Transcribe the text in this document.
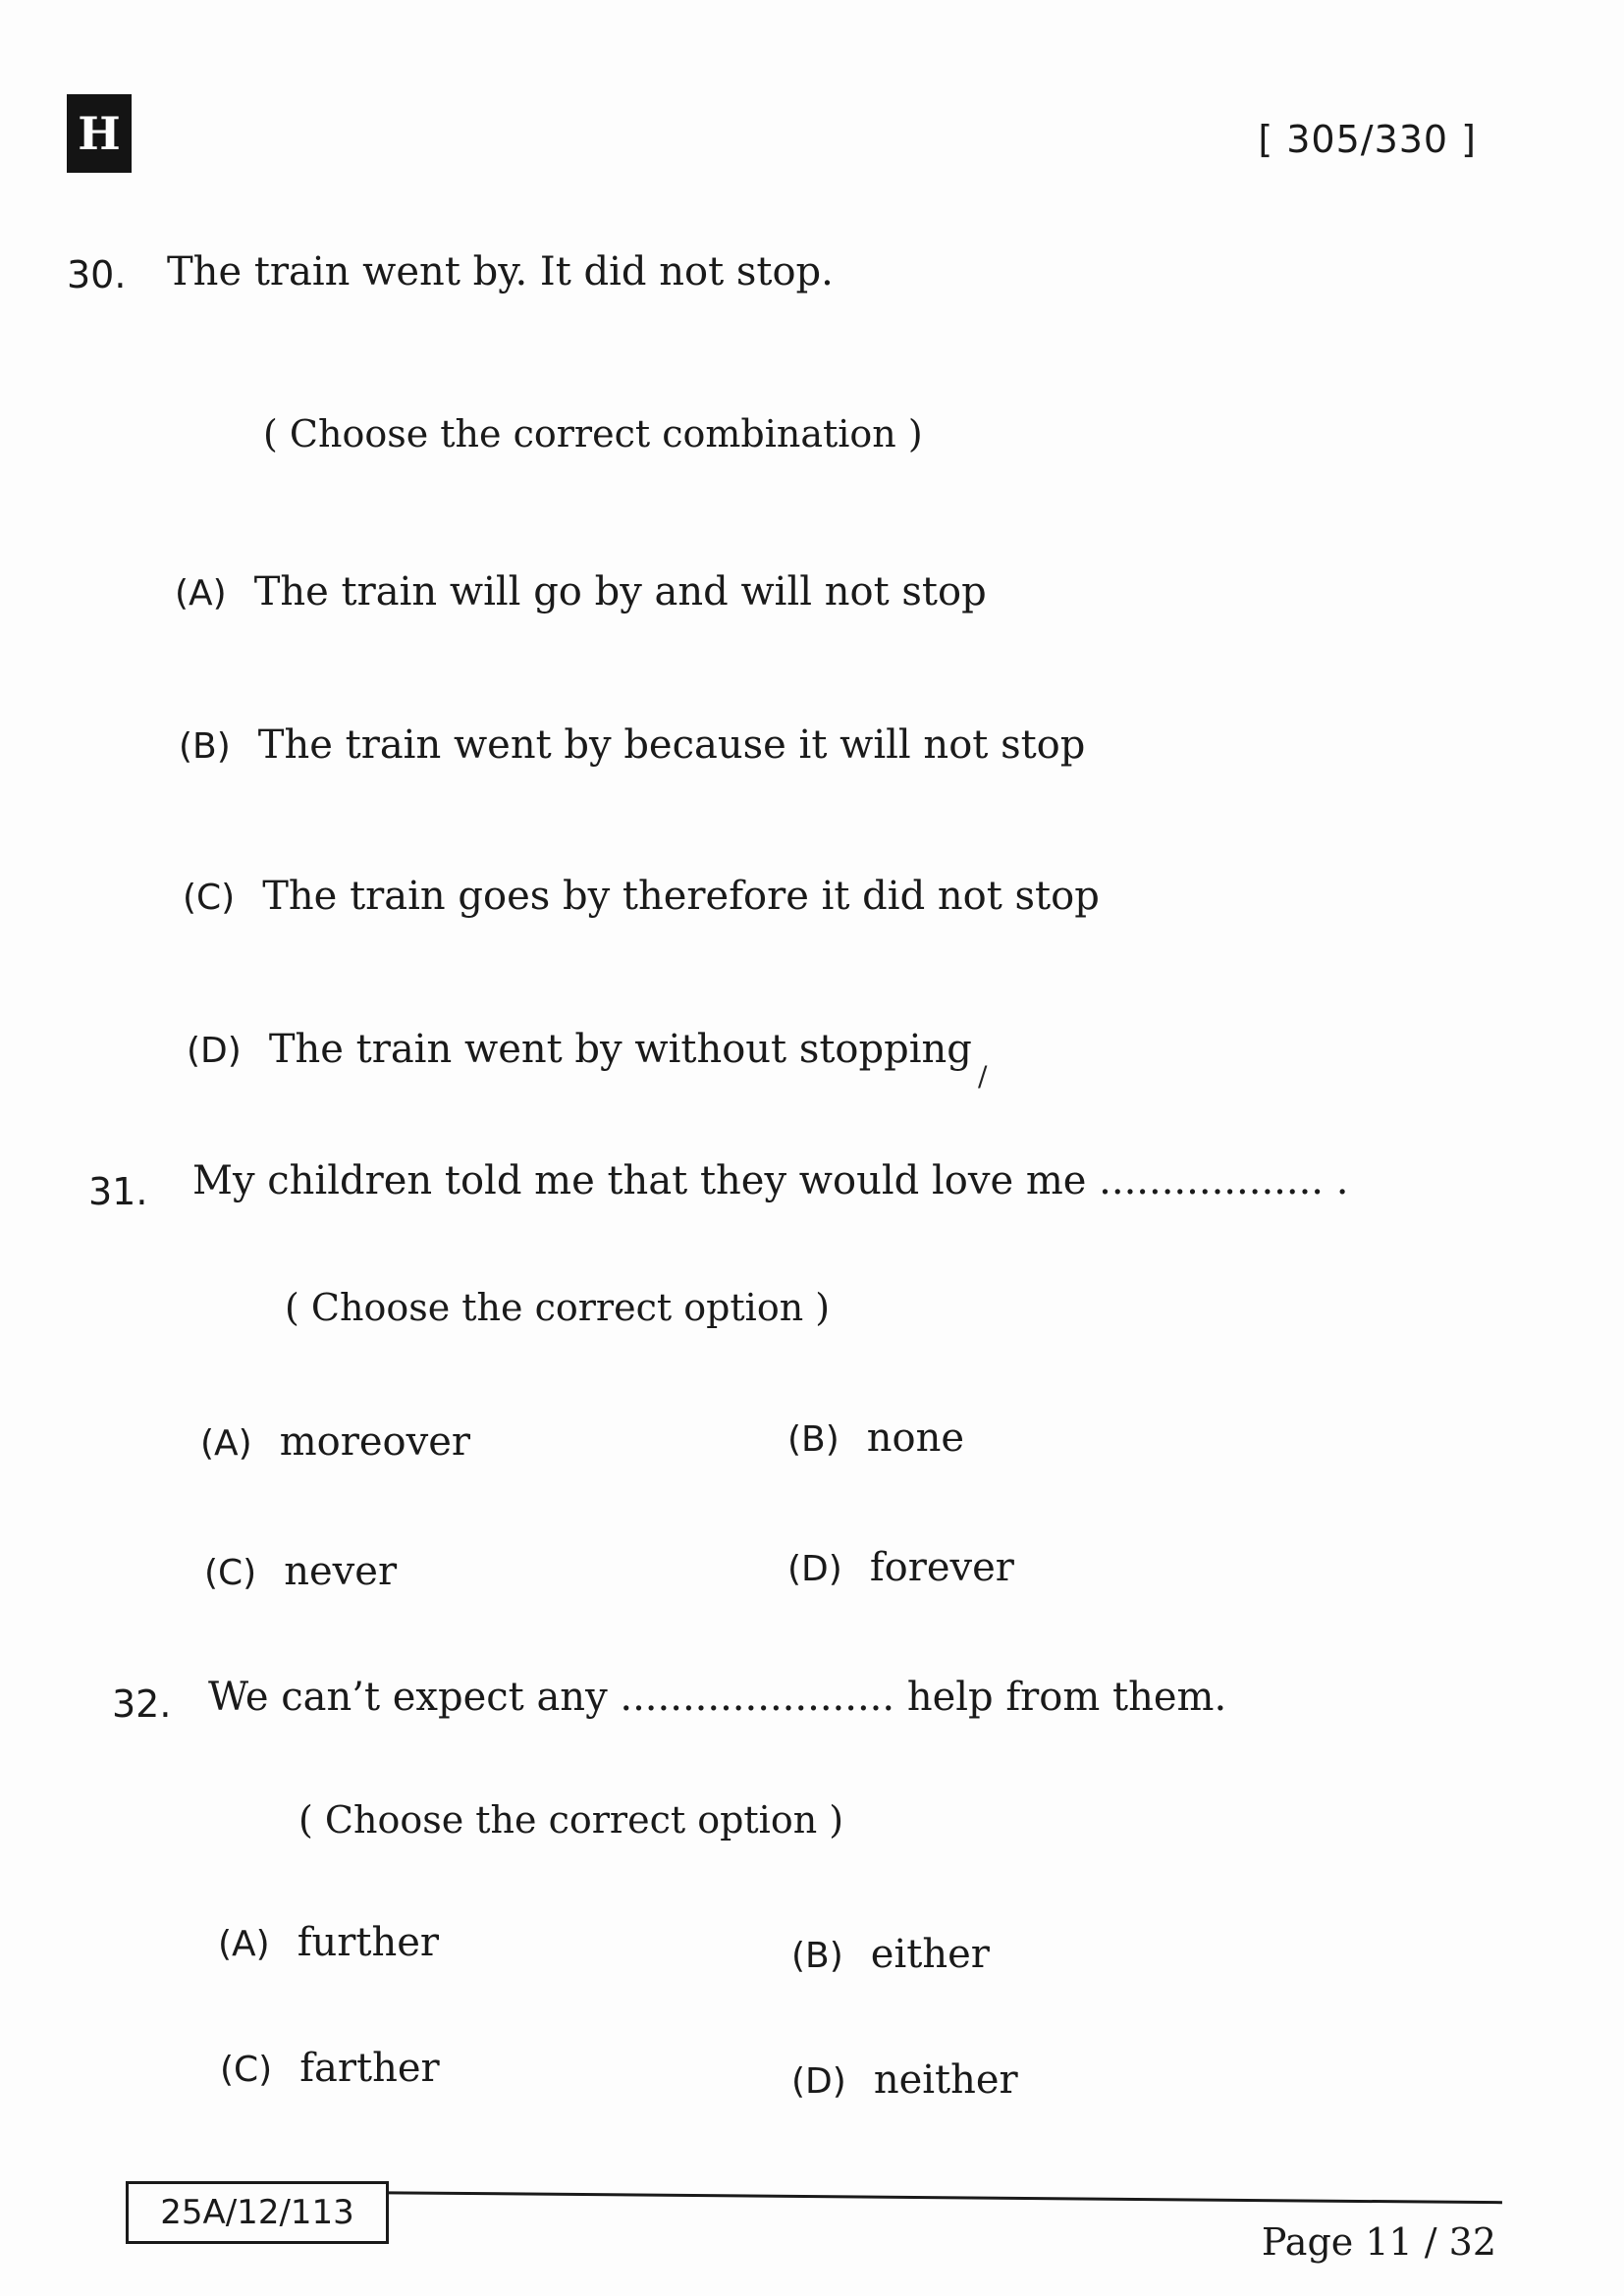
H	[ 305/330 ]
30. The train went by. It did not stop.
( Choose the correct combination )
(A) The train will go by and will not stop
(B) The train went by because it will not stop
(C) The train goes by therefore it did not stop
(D) The train went by without stopping
31. My children told me that they would love me .................. .
( Choose the correct option )
(A) moreover	(B) none
(C) never	(D) forever
32. We can’t expect any ...................... help from them.
( Choose the correct option )
(A) further	(B) either
(C) farther	(D) neither
/
25A/12/113
Page 11 / 32
